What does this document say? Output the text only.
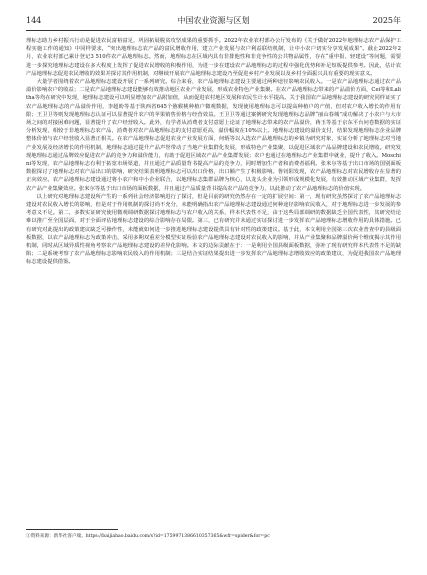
144	中国农业资源与区划	2025年

理标志助力乡村振兴行动是促进农民富裕富足，巩固拓展脱贫攻坚成果的重要抓手。2022年农业农村部办公厅发布的《关于做好2022年地理标志农产品保护工程实施工作的通知》中同样要求，“突出地理标志农产品的富民增收作用，建立产业发展与农户利益联结机制，让中小农户切实分享发展成果”。截止2022年2月，农业农村部已累计登记3 510件农产品地理标志。然而，地理标志在区域内具有非排他性和非竞争性的公共物品属性，存在“重申报、轻建设”等问题，需要进一步探究地理标志建设在多大程度上发挥了促进农民增收的积极作用，为进一步在建设农产品地理标志的过程中强化优势和补足短板提供参考。因此，估计农产品地理标志促进农民增收的效果并探讨其作用机制，对继续开展农产品地理标志建设乃至促进乡村产业发展以及乡村全面振兴具有重要的现实意义。

大量学者围绕着农产品地理标志建设开展了一系列研究。综合来看，农产品地理标志建设主要通过两种途径影响农民收入。一是农产品地理标志通过农产品溢价影响农户的收益；二是农产品地理标志建设能够有效推动地区农业产业发展，形成农业特色产业集聚。在农产品地理标志带来的产品溢价方面，Cei等和Lalitha等均在研究中发现，地理标志建设可以明显增加农产品附加值，从而促进农村地区发展和农民生计水平提高。关于我国农产品地理标志建设的研究同样证实了农产品地理标志的产品溢价作用，李超盼等基于陕西省645个猕猴桃种植户微观数据，发现使用地理标志可以提高种植户的产值，但对农户收入增长的作用有限；王卫卫等则发现地理标志认证可以显著提升农户的苹果销售价格与经营效益。王卫卫等通过案例研究发现地理标志品牌“丽山春城”成功解决了小农户与大市场之间的对接困难问题，显著提升了农户经营收入。此外，有学者从消费者支付意愿上论证了地理标志带来的农产品溢价，蒋玉等基于京东平台问卷数据的实证分析发现，相较于非地理标志农产品，消费者对农产品地理标志的支付意愿更高，溢价幅度在10%以上。地理标志建设的溢价支付，结果发现地理标志企业品牌整体价值与农户经营收入显著正相关。在农产品地理标志促进农业产业发展方面，何炳等以入选农产品地理标志的乡镇为研究对象，实证分析了地理标志对当地产业发展及经济增长的作用机制，地理标志通过提升产品声誉带动了当地产业集群化发展，形成特色产业集聚，以促进区域农产品品牌建设和农民增收。研究发现地理标志通过品牌效应促进农产品的竞争力和溢价能力，有助于促进区域农产品产业集群发展；农户也通过在地理标志产业集群中就业，提升了收入。Moschini等发现，农产品地理标志有利于拓宽市场渠道，并且通过产品质量背书提高产品的竞争力，同时增加生产者和消费者福利。张米尔等基于出口市场的国别面板数据探讨了地理标志对农产品出口的影响，研究结果表明地理标志可以出口价格、出口额产生了积极影响。鲁钊阳发现，农产品地理标志对农民增收存在显著的正向效应。农产品地理标志建设通过将小农户和中小企业联合，以地理标志集群品牌为核心，以龙头企业为引领形成规模化发展，有效推动区域产业集群，发挥农产品产业集聚效应。张米尔等基于出口市场的面板数据，并且通过产品质量背书提高农产品的竞争力，以此推动了农产品地理标志的价值实现。

以上研究对地理标志建设所产生的一系列社会经济影响进行了探讨，但是目前的研究仍然存在一定的扩展空间：第一，现有研究虽然探讨了农产品地理标志建设对农民收入增长的影响，但是对于作用机制的探讨尚不充分，未能明确指出农产品地理标志建设通过何种途径影响农民收入，对于地理标志进一步发展的参考意义不足。第二，多数实证研究使用微观调研数据探讨地理标志与农户收入的关系，样本代表性不足，由于这些局部调研的数据缺乏全国代表性，其研究结论难以推广至全国层面，对于全面评估地理标志建设的综合影响存在局限。第三，已有研究并未通过实证探讨进一步发挥农产品地理标志增收作用的具体措施。已有研究对此提出的政策建议缺乏可操作性，未能就如何进一步推进地理标志建设提供具有针对性的政策建议。基于此，本文利用全国第三次农业普查中的县级面板数据，以农产品地理标志为政策冲击，采用多期双重差分模型实证检验农产品地理标志建设对农民收入的影响，并从产业集聚和品牌溢价两个维度揭示其作用机制，同时从区域异质性视角考察农产品地理标志建设的差异化影响。本文的边际贡献在于：一是利用全国县级面板数据，弥补了现有研究样本代表性不足的缺陷；二是系统考察了农产品地理标志影响农民收入的作用机制；三是结合实证结果提出进一步发挥农产品地理标志增收效应的政策建议，为促进我国农产品地理标志建设提供借鉴。

①资料来源：新华社客户端。https://baijiahao.baidu.com/s?id=1759971386610357365&wfr=spider&for=pc
